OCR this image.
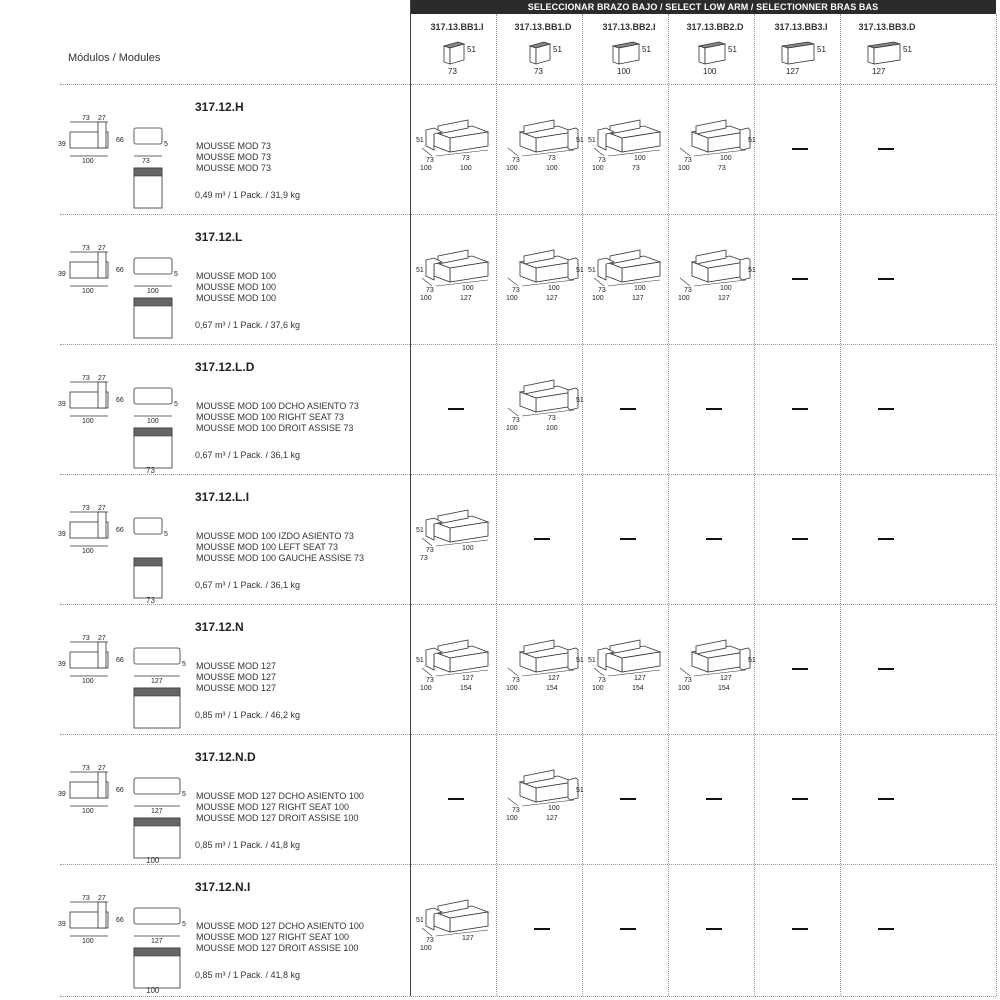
SELECCIONAR BRAZO BAJO / SELECT LOW ARM / SELECTIONNER BRAS BAS
Módulos / Modules
317.13.BB1.I
51
73
317.13.BB1.D
51
73
317.13.BB2.I
51
100
317.13.BB2.D
51
100
317.13.BB3.I
51
127
317.13.BB3.D
51
127
73 27
39
100
66
5
73
317.12.H
MOUSSE MOD 73
MOUSSE MOD 73
MOUSSE MOD 73
0,49 m³ / 1 Pack. / 31,9 kg
51
73
100
73
100
51
73
100
73
100
51
73
100
100
73
51
73
100
100
73
73 27
39
100
66
5
100
317.12.L
MOUSSE MOD 100
MOUSSE MOD 100
MOUSSE MOD 100
0,67 m³ / 1 Pack. / 37,6 kg
51
73
100
100
127
51
73
100
100
127
51
73
100
100
127
51
73
100
100
127
73 27
39
100
66
5
100
73
317.12.L.D
MOUSSE MOD 100 DCHO ASIENTO 73
MOUSSE MOD 100 RIGHT SEAT 73
MOUSSE MOD 100 DROIT ASSISE 73
0,67 m³ / 1 Pack. / 36,1 kg
51
73
100
73
100
73 27
39
100
66
5
73
317.12.L.I
MOUSSE MOD 100 IZDO ASIENTO 73
MOUSSE MOD 100 LEFT SEAT 73
MOUSSE MOD 100 GAUCHE ASSISE 73
0,67 m³ / 1 Pack. / 36,1 kg
51
73
73
100
73 27
39
100
66
5
127
317.12.N
MOUSSE MOD 127
MOUSSE MOD 127
MOUSSE MOD 127
0,85 m³ / 1 Pack. / 46,2 kg
51
73
100
127
154
51
73
100
127
154
51
73
100
127
154
51
73
100
127
154
73 27
39
100
66
5
127
100
317.12.N.D
MOUSSE MOD 127 DCHO ASIENTO 100
MOUSSE MOD 127 RIGHT SEAT 100
MOUSSE MOD 127 DROIT ASSISE 100
0,85 m³ / 1 Pack. / 41,8 kg
51
73
100
100
127
73 27
39
100
66
5
127
100
317.12.N.I
MOUSSE MOD 127 DCHO ASIENTO 100
MOUSSE MOD 127 RIGHT SEAT 100
MOUSSE MOD 127 DROIT ASSISE 100
0,85 m³ / 1 Pack. / 41,8 kg
51
73
100
127
